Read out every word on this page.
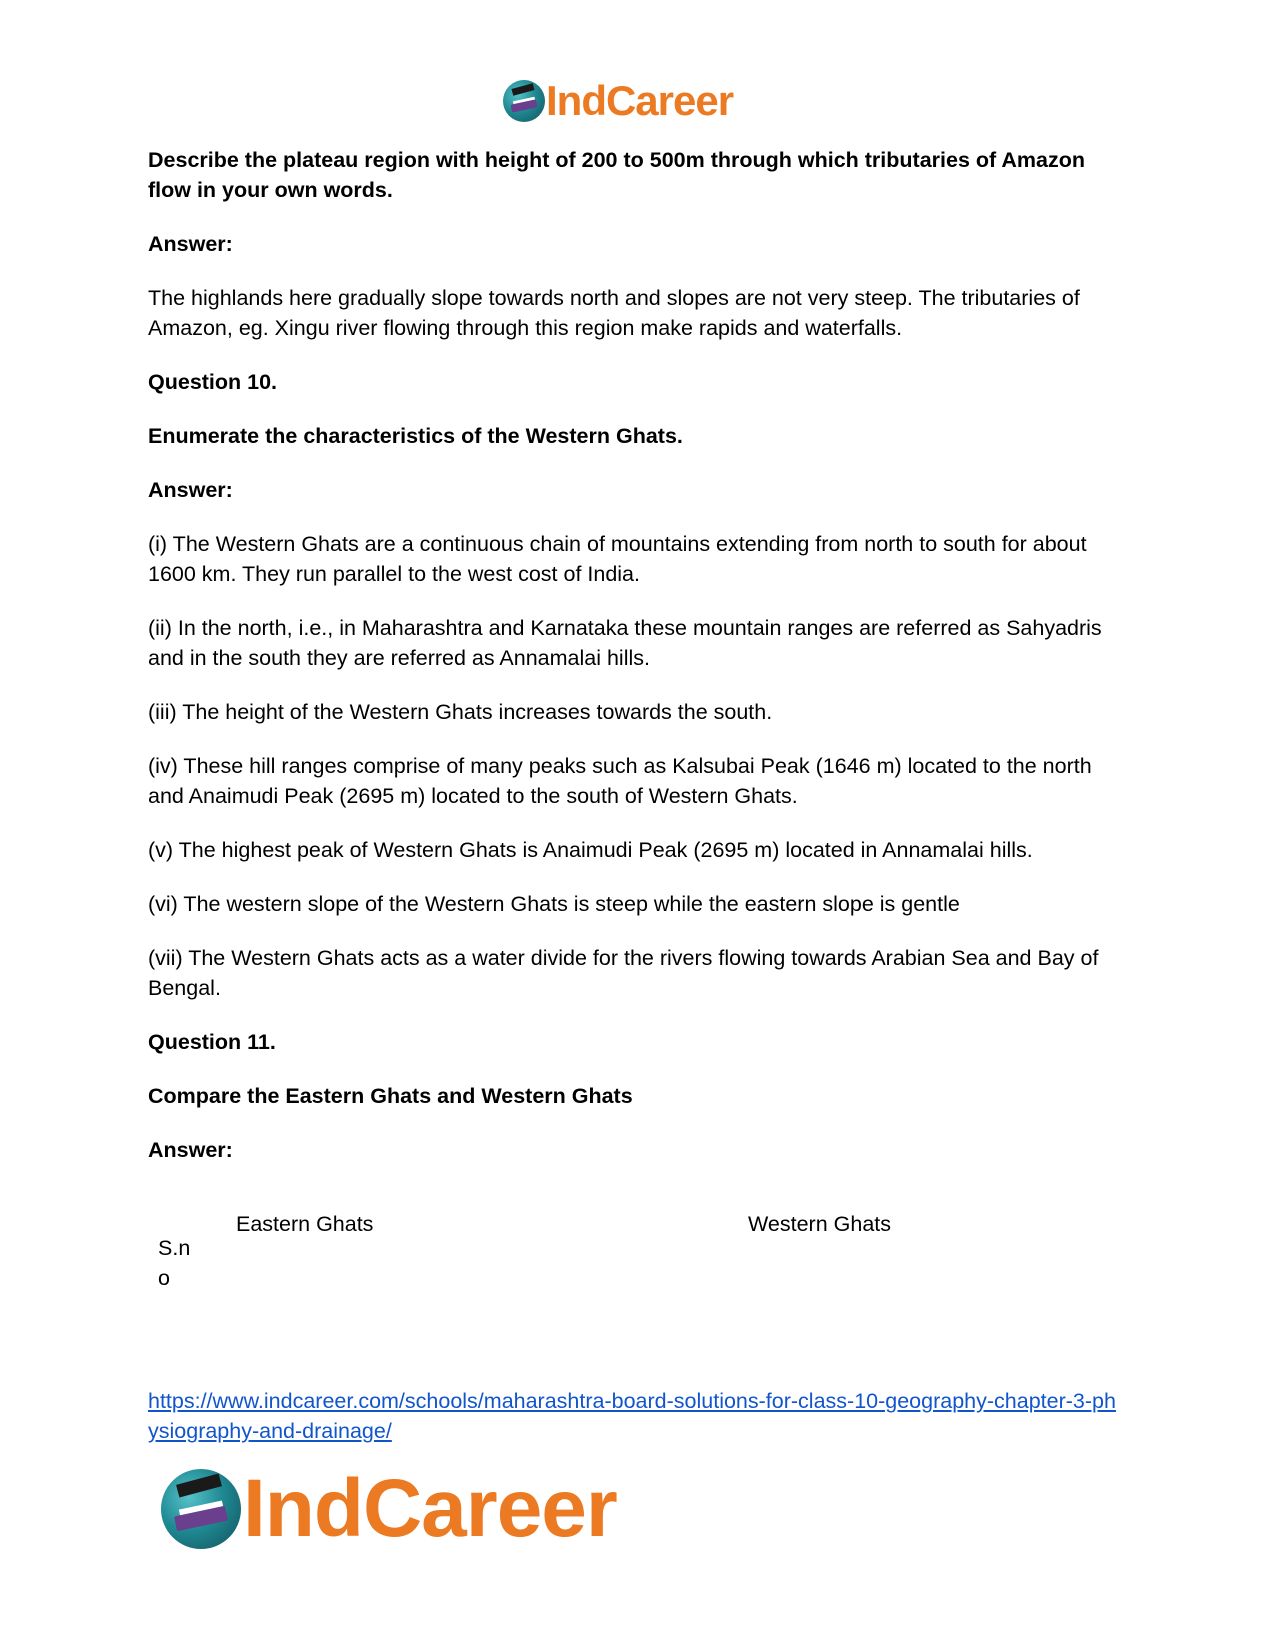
IndCareer

Describe the plateau region with height of 200 to 500m through which tributaries of Amazon flow in your own words.

Answer:

The highlands here gradually slope towards north and slopes are not very steep. The tributaries of Amazon, eg. Xingu river flowing through this region make rapids and waterfalls.

Question 10.

Enumerate the characteristics of the Western Ghats.

Answer:

(i) The Western Ghats are a continuous chain of mountains extending from north to south for about 1600 km. They run parallel to the west cost of India.

(ii) In the north, i.e., in Maharashtra and Karnataka these mountain ranges are referred as Sahyadris and in the south they are referred as Annamalai hills.

(iii) The height of the Western Ghats increases towards the south.

(iv) These hill ranges comprise of many peaks such as Kalsubai Peak (1646 m) located to the north and Anaimudi Peak (2695 m) located to the south of Western Ghats.

(v) The highest peak of Western Ghats is Anaimudi Peak (2695 m) located in Annamalai hills.

(vi) The western slope of the Western Ghats is steep while the eastern slope is gentle

(vii) The Western Ghats acts as a water divide for the rivers flowing towards Arabian Sea and Bay of Bengal.

Question 11.

Compare the Eastern Ghats and Western Ghats

Answer:

S.no	Eastern Ghats	Western Ghats
https://www.indcareer.com/schools/maharashtra-board-solutions-for-class-10-geography-chapter-3-physiography-and-drainage/
IndCareer
